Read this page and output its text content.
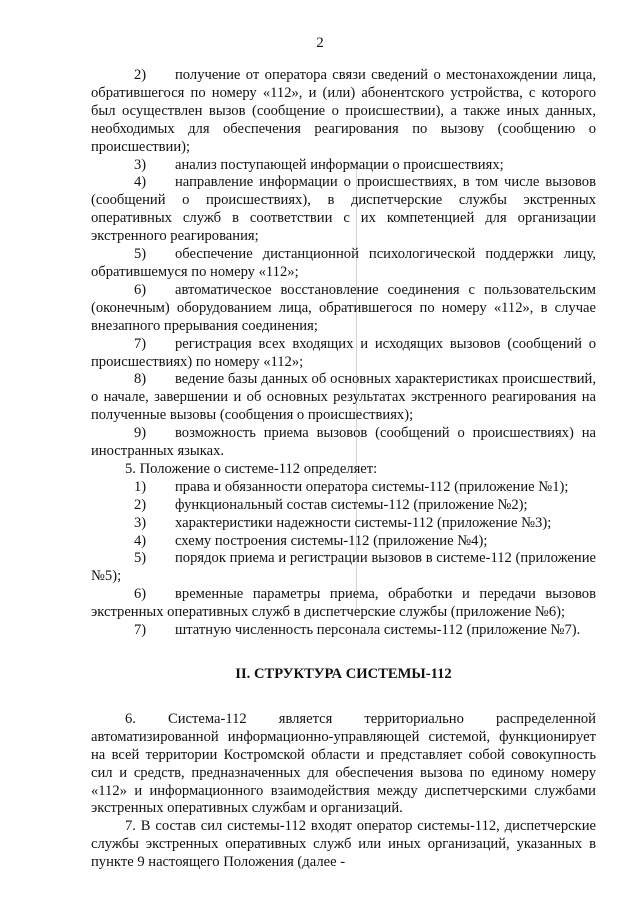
2

2) получение от оператора связи сведений о местонахождении лица, обратившегося по номеру «112», и (или) абонентского устройства, с которого был осуществлен вызов (сообщение о происшествии), а также иных данных, необходимых для обеспечения реагирования по вызову (сообщению о происшествии);

3) анализ поступающей информации о происшествиях;

4) направление информации о происшествиях, в том числе вызовов (сообщений о происшествиях), в диспетчерские службы экстренных оперативных служб в соответствии с их компетенцией для организации экстренного реагирования;

5) обеспечение дистанционной психологической поддержки лицу, обратившемуся по номеру «112»;

6) автоматическое восстановление соединения с пользовательским (оконечным) оборудованием лица, обратившегося по номеру «112», в случае внезапного прерывания соединения;

7) регистрация всех входящих и исходящих вызовов (сообщений о происшествиях) по номеру «112»;

8) ведение базы данных об основных характеристиках происшествий, о начале, завершении и об основных результатах экстренного реагирования на полученные вызовы (сообщения о происшествиях);

9) возможность приема вызовов (сообщений о происшествиях) на иностранных языках.

5. Положение о системе-112 определяет:

1) права и обязанности оператора системы-112 (приложение №1);

2) функциональный состав системы-112 (приложение №2);

3) характеристики надежности системы-112 (приложение №3);

4) схему построения системы-112 (приложение №4);

5) порядок приема и регистрации вызовов в системе-112 (приложение №5);

6) временные параметры приема, обработки и передачи вызовов экстренных оперативных служб в диспетчерские службы (приложение №6);

7) штатную численность персонала системы-112 (приложение №7).

II. СТРУКТУРА СИСТЕМЫ-112

6. Система-112 является территориально распределенной автоматизированной информационно-управляющей системой, функционирует на всей территории Костромской области и представляет собой совокупность сил и средств, предназначенных для обеспечения вызова по единому номеру «112» и информационного взаимодействия между диспетчерскими службами экстренных оперативных службам и организаций.

7. В состав сил системы-112 входят оператор системы-112, диспетчерские службы экстренных оперативных служб или иных организаций, указанных в пункте 9 настоящего Положения (далее -
